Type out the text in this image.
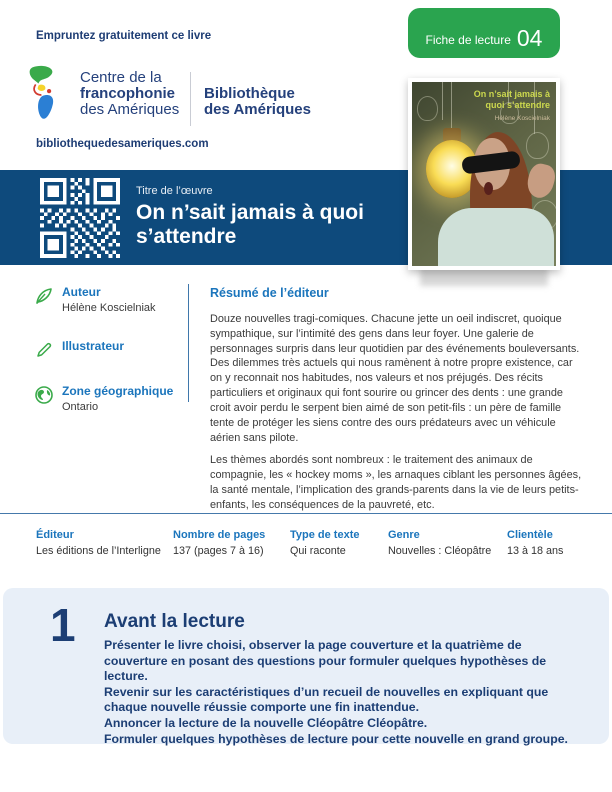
Empruntez gratuitement ce livre	Fiche de lecture 04
Centre de la
francophonie
des Amériques
Bibliothèque
des Amériques
bibliothequedesameriques.com
Titre de l’œuvre
On n’sait jamais à quoi s’attendre
On n’sait jamais à quoi s’attendre
Hélène Koscielniak
Auteur
Hélène Koscielniak
Illustrateur
Zone géographique
Ontario
Résumé de l’éditeur

Douze nouvelles tragi-comiques. Chacune jette un oeil indiscret, quoique sympathique, sur l’intimité des gens dans leur foyer. Une galerie de personnages surpris dans leur quotidien par des événements bouleversants. Des dilemmes très actuels qui nous ramènent à notre propre existence, car on y reconnait nos habitudes, nos valeurs et nos préjugés. Des récits particuliers et originaux qui font sourire ou grincer des dents : une grande croit avoir perdu le serpent bien aimé de son petit-fils : un père de famille tente de protéger les siens contre des ours prédateurs avec un véhicule aérien sans pilote.

Les thèmes abordés sont nombreux : le traitement des animaux de compagnie, les « hockey moms », les arnaques ciblant les personnes âgées, la santé mentale, l’implication des grands-parents dans la vie de leurs petits-enfants, les conséquences de la pauvreté, etc.

Éditeur
Les éditions de l’Interligne
Nombre de pages
137 (pages 7 à 16)
Type de texte
Qui raconte
Genre
Nouvelles : Cléopâtre
Clientèle
13 à 18 ans
1 Avant la lecture

Présenter le livre choisi, observer la page couverture et la quatrième de couverture en posant des questions pour formuler quelques hypothèses de lecture.

Revenir sur les caractéristiques d’un recueil de nouvelles en expliquant que chaque nouvelle réussie comporte une fin inattendue.

Annoncer la lecture de la nouvelle Cléopâtre Cléopâtre.

Formuler quelques hypothèses de lecture pour cette nouvelle en grand groupe.
